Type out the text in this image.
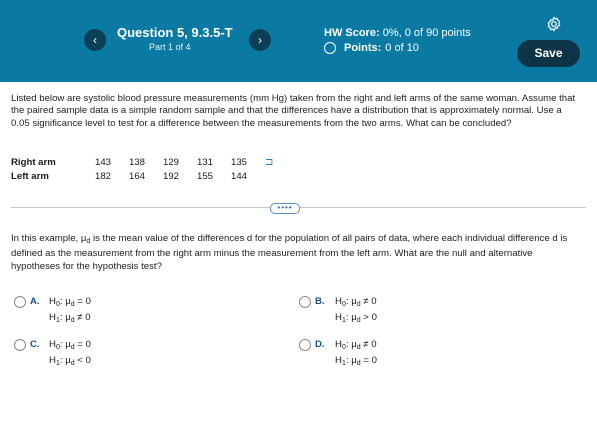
‹	Question 5, 9.3.5-T
Part 1 of 4	›	HW Score: 0%, 0 of 90 points
Points: 0 of 10	Save
Listed below are systolic blood pressure measurements (mm Hg) taken from the right and left arms of the same woman. Assume that the paired sample data is a simple random sample and that the differences have a distribution that is approximately normal. Use a 0.05 significance level to test for a difference between the measurements from the two arms. What can be concluded?
Right arm	143	138	129	131	135	⊐
Left arm	182	164	192	155	144	
••••
In this example, $\mu_d$ is the mean value of the differences d for the population of all pairs of data, where each individual difference d is defined as the measurement from the right arm minus the measurement from the left arm. What are the null and alternative hypotheses for the hypothesis test?
A. $H_0$: $\mu_d = 0$
$H_1$: $\mu_d \ne 0$
B. $H_0$: $\mu_d \ne 0$
$H_1$: $\mu_d > 0$
C. $H_0$: $\mu_d = 0$
$H_1$: $\mu_d < 0$
D. $H_0$: $\mu_d \ne 0$
$H_1$: $\mu_d = 0$
